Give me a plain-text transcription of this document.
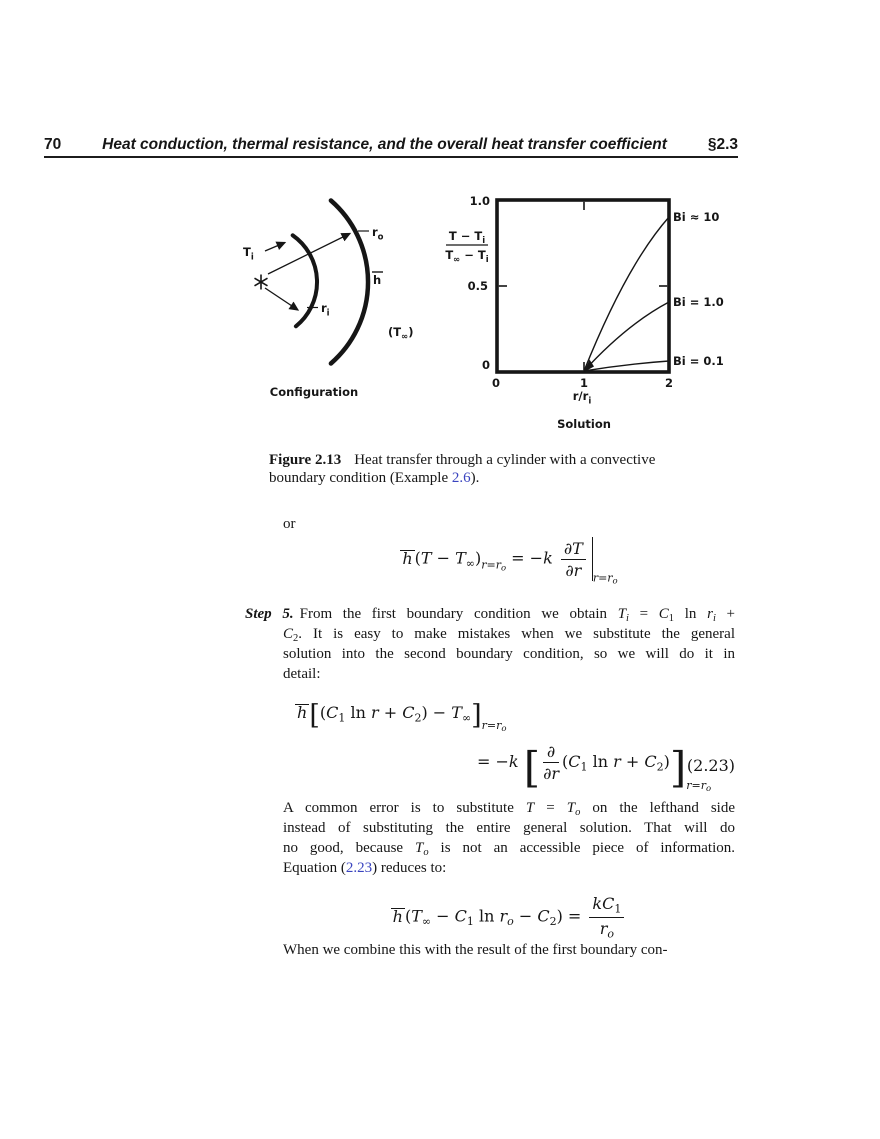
70	Heat conduction, thermal resistance, and the overall heat transfer coefficient	§2.3
$r_o$
$r_i$
$T_i$
h
$(T_\infty)$
Configuration
1.0
0.5
0
0	1	2
$T - T_i$
$T_\infty - T_i$
$r/r_i$
Solution
Bi ≈ 10
Bi = 1.0
Bi = 0.1
Figure 2.13 Heat transfer through a cylinder with a convective
boundary condition (Example 2.6).
or
h $(T - T_\infty)_{r=ro} = -k \frac{\partial T}{\partial r} _{r=ro}$
Step 5. From the first boundary condition we obtain $T_i = C_1$ $\ln r_i$ +
$C_2$. It is easy to make mistakes when we substitute the general
solution into the second boundary condition, so we will do it in
detail:
$h[(C_1$ $\ln r + C_2) - T_\infty]_{r=ro}$
= −k [ $\frac{\partial}{\partial r} (C_1$ $\ln r + C_2)]_{r=ro}$
(2.23)
A common error is to substitute $T = T_o$ on the lefthand side
instead of substituting the entire general solution. That will do
no good, because $T_o$ is not an accessible piece of information.
Equation (2.23) reduces to:
h ($T_\infty - C_1$ $\ln r_o - C_2) = \frac{kC_1}{r_o}$
When we combine this with the result of the first boundary con-
